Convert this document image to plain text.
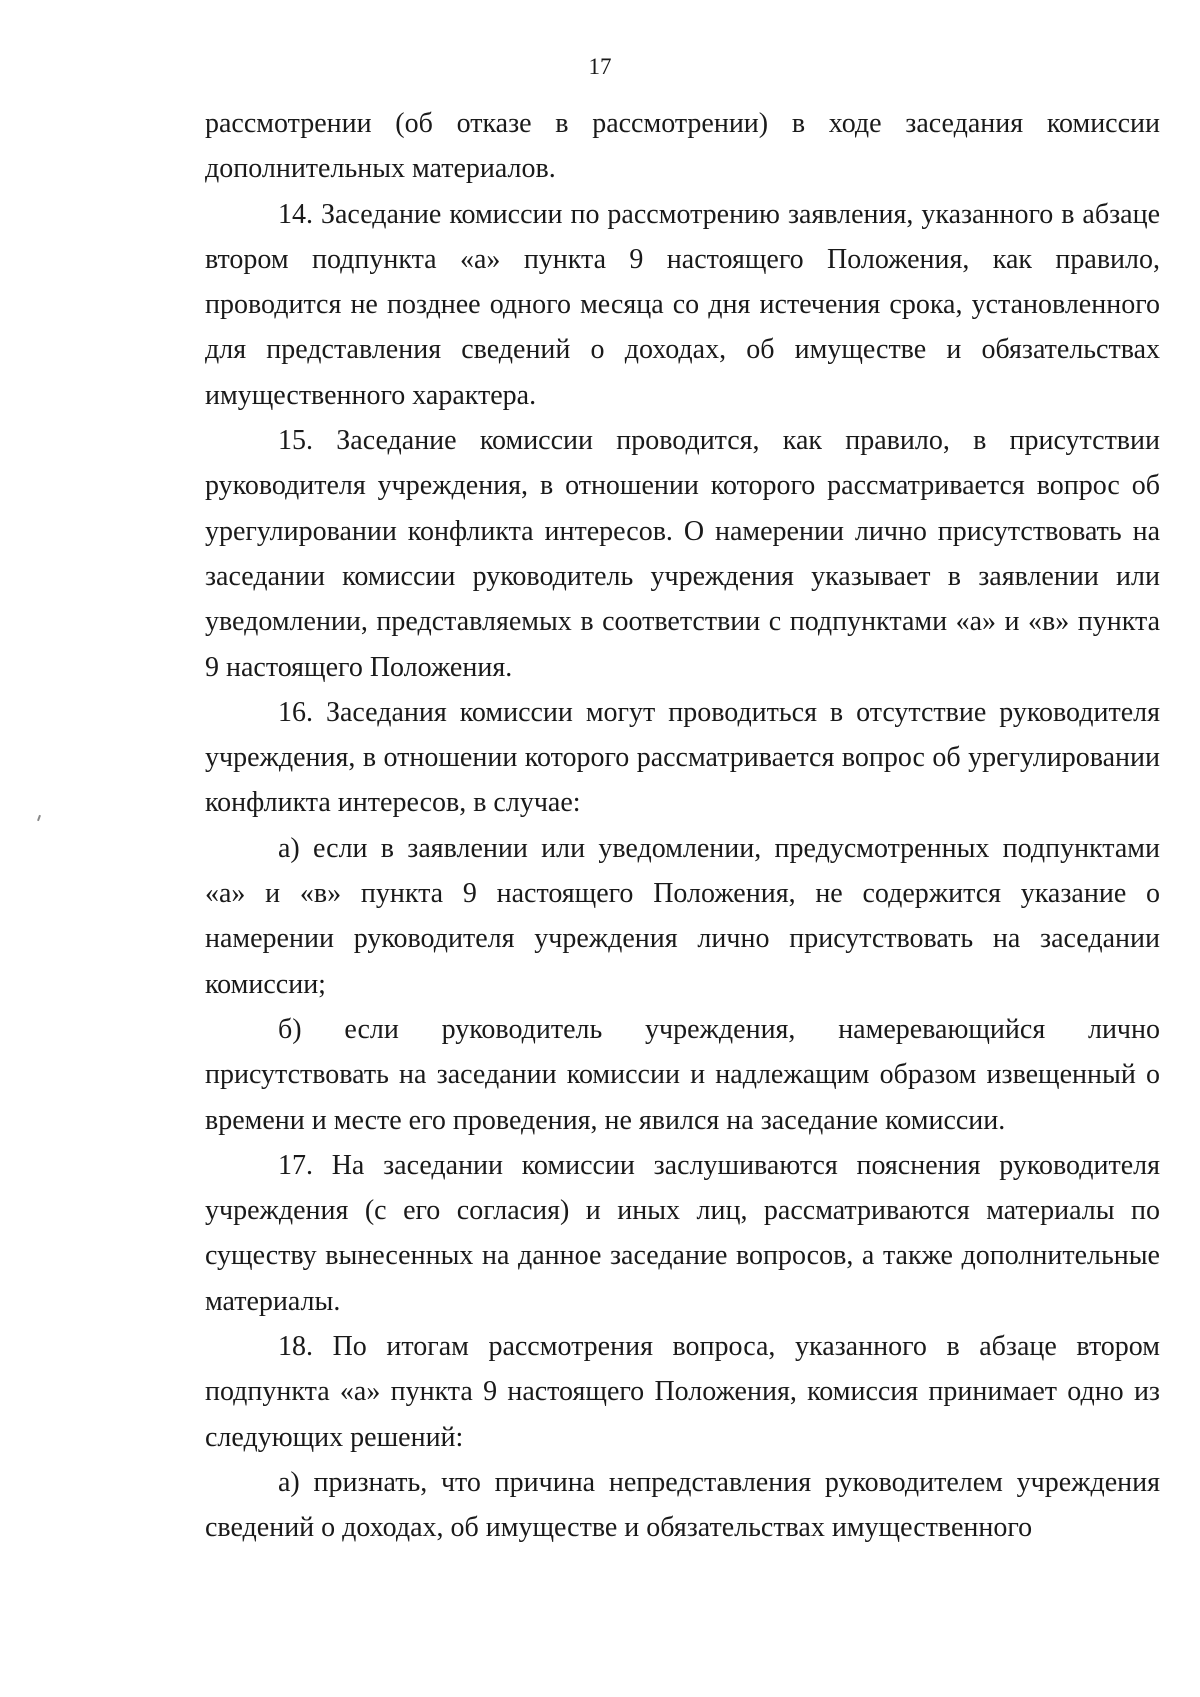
17

рассмотрении (об отказе в рассмотрении) в ходе заседания комиссии дополнительных материалов.

14. Заседание комиссии по рассмотрению заявления, указанного в абзаце втором подпункта «а» пункта 9 настоящего Положения, как правило, проводится не позднее одного месяца со дня истечения срока, установленного для представления сведений о доходах, об имуществе и обязательствах имущественного характера.

15. Заседание комиссии проводится, как правило, в присутствии руководителя учреждения, в отношении которого рассматривается вопрос об урегулировании конфликта интересов. О намерении лично присутствовать на заседании комиссии руководитель учреждения указывает в заявлении или уведомлении, представляемых в соответствии с подпунктами «а» и «в» пункта 9 настоящего Положения.

16. Заседания комиссии могут проводиться в отсутствие руководителя учреждения, в отношении которого рассматривается вопрос об урегулировании конфликта интересов, в случае:

а) если в заявлении или уведомлении, предусмотренных подпунктами «а» и «в» пункта 9 настоящего Положения, не содержится указание о намерении руководителя учреждения лично присутствовать на заседании комиссии;

б) если руководитель учреждения, намеревающийся лично присутствовать на заседании комиссии и надлежащим образом извещенный о времени и месте его проведения, не явился на заседание комиссии.

17. На заседании комиссии заслушиваются пояснения руководителя учреждения (с его согласия) и иных лиц, рассматриваются материалы по существу вынесенных на данное заседание вопросов, а также дополнительные материалы.

18. По итогам рассмотрения вопроса, указанного в абзаце втором подпункта «а» пункта 9 настоящего Положения, комиссия принимает одно из следующих решений:

а) признать, что причина непредставления руководителем учреждения сведений о доходах, об имуществе и обязательствах имущественного
